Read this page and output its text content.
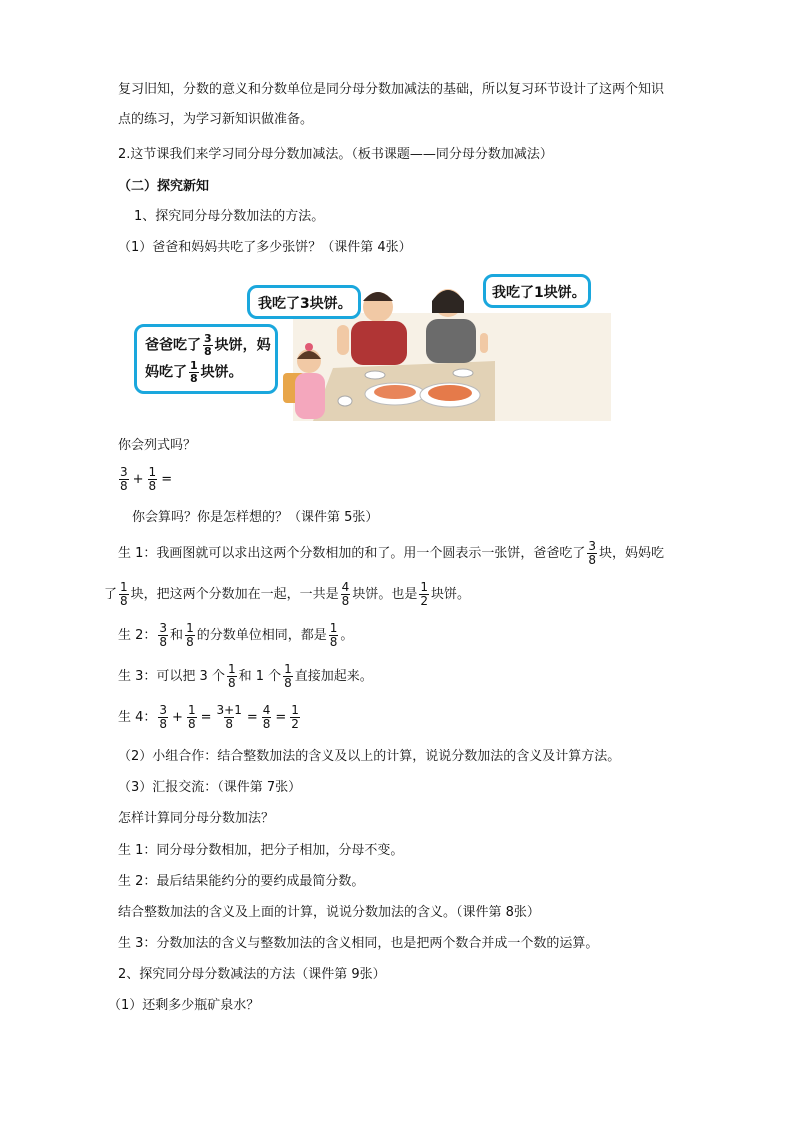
复习旧知，分数的意义和分数单位是同分母分数加减法的基础，所以复习环节设计了这两个知识
点的练习，为学习新知识做准备。
2.这节课我们来学习同分母分数加减法。（板书课题——同分母分数加减法）
（二）探究新知
1、探究同分母分数加法的方法。
（1）爸爸和妈妈共吃了多少张饼？（课件第 4张）
我吃了3块饼。
我吃了1块饼。
爸爸吃了 $\frac{3}{8}$ 块饼，妈
妈吃了 $\frac{1}{8}$ 块饼。
你会列式吗？
$\frac{3}{8} + \frac{1}{8}$ =
你会算吗？你是怎样想的？（课件第 5张）
生 1：我画图就可以求出这两个分数相加的和了。用一个圆表示一张饼，爸爸吃了 $\frac{3}{8}$ 块，妈妈吃
了 $\frac{1}{8}$ 块，把这两个分数加在一起，一共是 $\frac{4}{8}$ 块饼。也是 $\frac{1}{2}$ 块饼。
生 2： $\frac{3}{8}$ 和 $\frac{1}{8}$ 的分数单位相同，都是 $\frac{1}{8}$ 。
生 3：可以把 3 个 $\frac{1}{8}$ 和 1 个 $\frac{1}{8}$ 直接加起来。
生 4： $\frac{3}{8} + \frac{1}{8} = \frac{3+1}{8} = \frac{4}{8} = \frac{1}{2}$
（2）小组合作：结合整数加法的含义及以上的计算，说说分数加法的含义及计算方法。
（3）汇报交流：（课件第 7张）
怎样计算同分母分数加法？
生 1：同分母分数相加，把分子相加，分母不变。
生 2：最后结果能约分的要约成最简分数。
结合整数加法的含义及上面的计算，说说分数加法的含义。（课件第 8张）
生 3：分数加法的含义与整数加法的含义相同，也是把两个数合并成一个数的运算。
2、探究同分母分数减法的方法（课件第 9张）
（1）还剩多少瓶矿泉水？
